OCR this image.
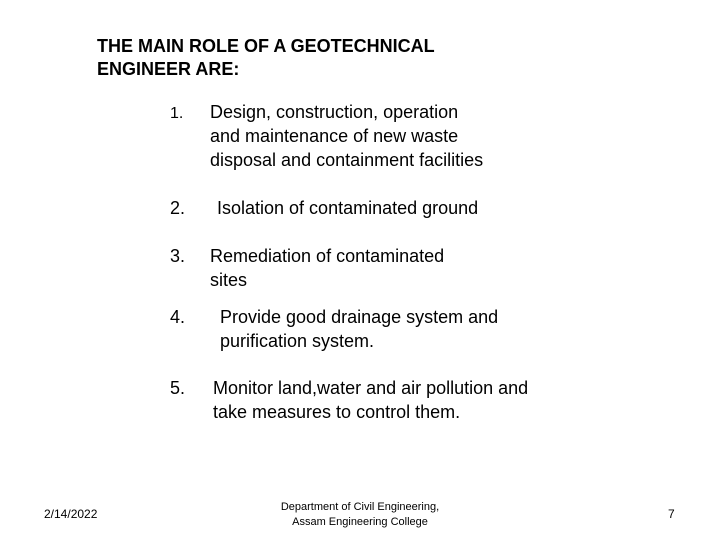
THE MAIN ROLE OF A GEOTECHNICAL
ENGINEER ARE:
1.	Design, construction, operation
and maintenance of new waste
disposal and containment facilities
2.	Isolation of contaminated ground
3.	Remediation of contaminated
sites
4.	Provide good drainage system and
purification system.
5.	Monitor land,water and air pollution and
take measures to control them.
2/14/2022	Department of Civil Engineering,
Assam Engineering College
7
